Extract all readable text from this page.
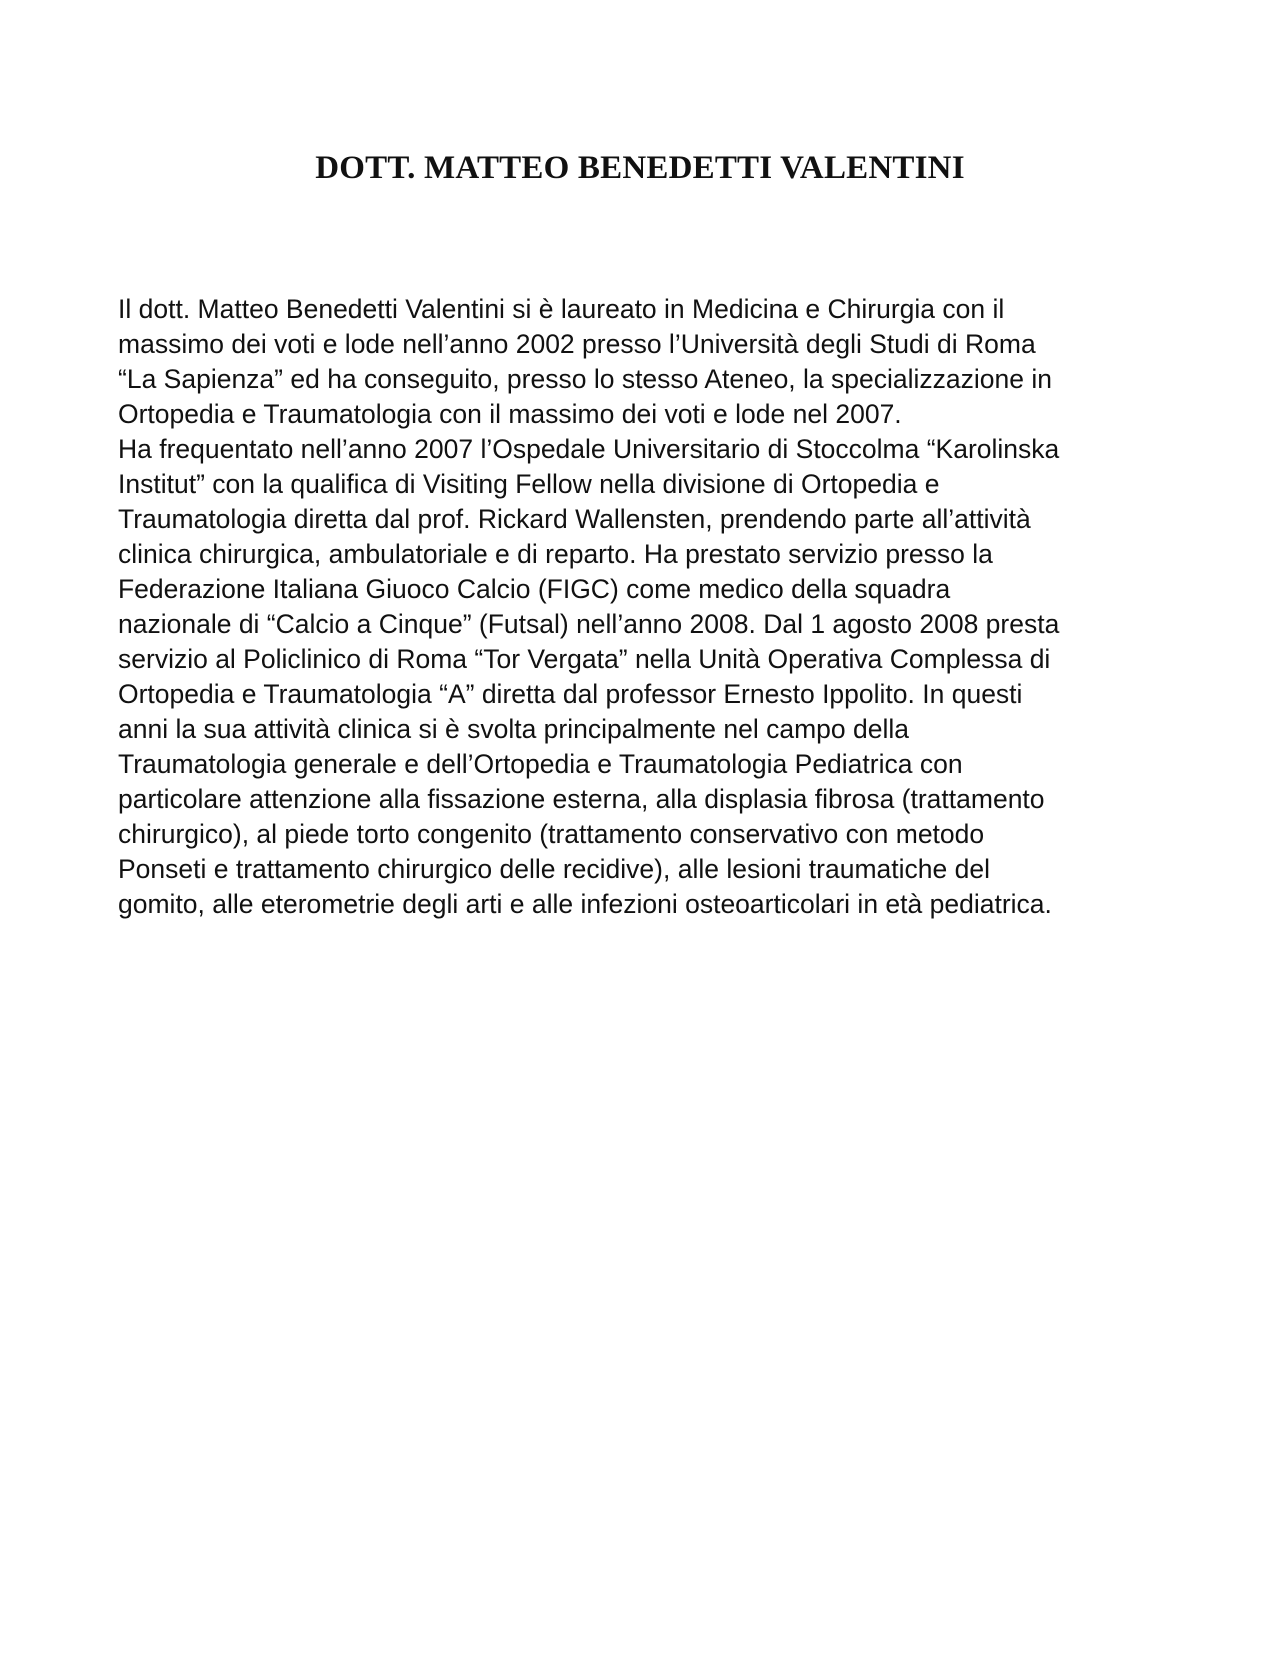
DOTT. MATTEO BENEDETTI VALENTINI
Il dott. Matteo Benedetti Valentini si è laureato in Medicina e Chirurgia con il
massimo dei voti e lode nell’anno 2002 presso l’Università degli Studi di Roma
“La Sapienza” ed ha conseguito, presso lo stesso Ateneo, la specializzazione in
Ortopedia e Traumatologia con il massimo dei voti e lode nel 2007.
Ha frequentato nell’anno 2007 l’Ospedale Universitario di Stoccolma “Karolinska
Institut” con la qualifica di Visiting Fellow nella divisione di Ortopedia e
Traumatologia diretta dal prof. Rickard Wallensten, prendendo parte all’attività
clinica chirurgica, ambulatoriale e di reparto. Ha prestato servizio presso la
Federazione Italiana Giuoco Calcio (FIGC) come medico della squadra
nazionale di “Calcio a Cinque” (Futsal) nell’anno 2008. Dal 1 agosto 2008 presta
servizio al Policlinico di Roma “Tor Vergata” nella Unità Operativa Complessa di
Ortopedia e Traumatologia “A” diretta dal professor Ernesto Ippolito. In questi
anni la sua attività clinica si è svolta principalmente nel campo della
Traumatologia generale e dell’Ortopedia e Traumatologia Pediatrica con
particolare attenzione alla fissazione esterna, alla displasia fibrosa (trattamento
chirurgico), al piede torto congenito (trattamento conservativo con metodo
Ponseti e trattamento chirurgico delle recidive), alle lesioni traumatiche del
gomito, alle eterometrie degli arti e alle infezioni osteoarticolari in età pediatrica.
